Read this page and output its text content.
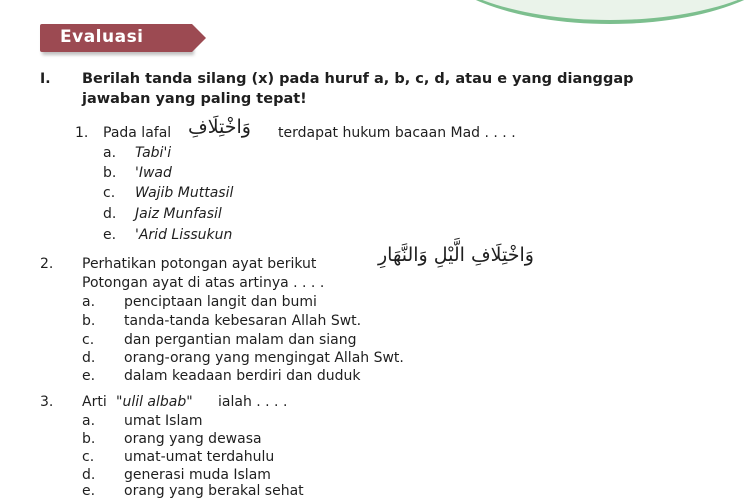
Evaluasi
I. Berilah tanda silang (x) pada huruf a, b, c, d, atau e yang dianggap
jawaban yang paling tepat!
1. Pada lafal وَاخْتِلَافِ terdapat hukum bacaan Mad . . . .
a. Tabi'i
b. 'Iwad
c. Wajib Muttasil
d. Jaiz Munfasil
e. 'Arid Lissukun
2. Perhatikan potongan ayat berikut	وَاخْتِلَافِ الَّيْلِ وَالنَّهَارِ
Potongan ayat di atas artinya . . . .
a. penciptaan langit dan bumi
b. tanda-tanda kebesaran Allah Swt.
c. dan pergantian malam dan siang
d. orang-orang yang mengingat Allah Swt.
e. dalam keadaan berdiri dan duduk
3. Arti "ulil albab" ialah . . . .
a. umat Islam
b. orang yang dewasa
c. umat-umat terdahulu
d. generasi muda Islam
e. orang yang berakal sehat
